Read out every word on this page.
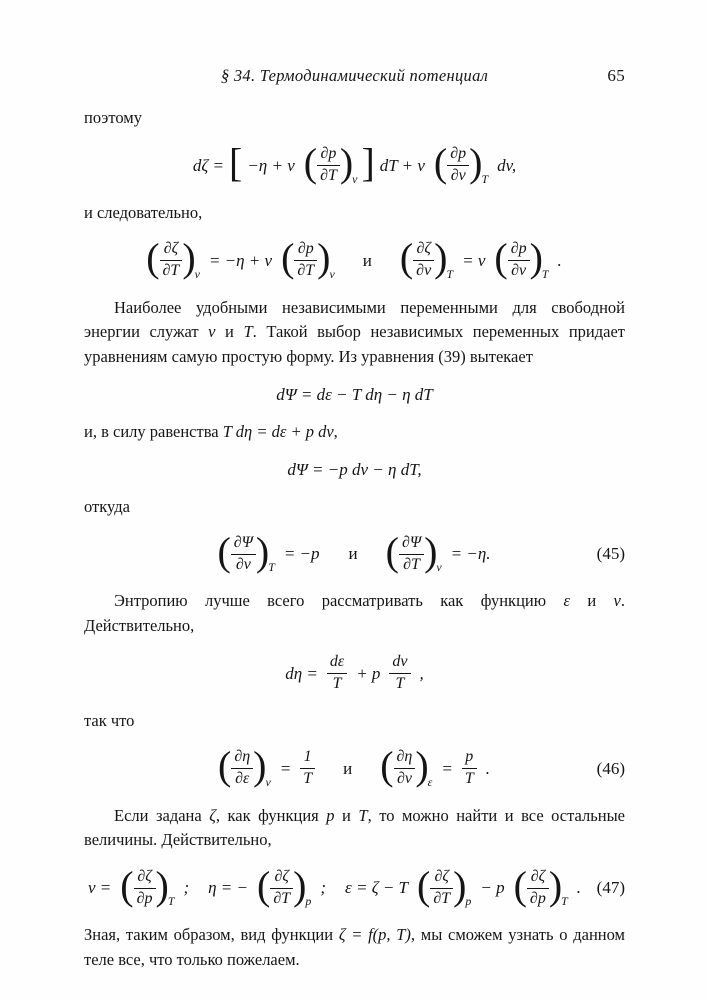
§ 34. Термодинамический потенциал	65

поэтому

dζ = [ −η + v ( $\frac{\partial p}{\partial T} )_v$ ] dT + v ( $\frac{\partial p}{\partial v} )_T$
dv,

и следовательно,

( $\frac{\partial\zeta}{\partial T} )_v$
= −η + v ( $\frac{\partial p}{\partial T} )_v$
и ( $\frac{\partial\zeta}{\partial v} )_T$
= v ( $\frac{\partial p}{\partial v} )_T$
.

Наиболее удобными независимыми переменными для свободной энергии служат v и T. Такой выбор независимых переменных придает уравнениям самую простую форму. Из уравнения (39) вытекает

dΨ = dε − T dη − η dT

и, в силу равенства T dη = dε + p dv,

dΨ = −p dv − η dT,

откуда

( $\frac{\partial\Psi}{\partial v} )_T$
= −p и ( $\frac{\partial\Psi}{\partial T} )_v$
= −η.	(45)

Энтропию лучше всего рассматривать как функцию ε и v. Действительно,

$d\eta = \frac{d\varepsilon}{T} + p \frac{dv}{T}$ ,

так что

( $\frac{\partial\eta}{\partial\varepsilon} )_v$
= $\frac{1}{T}$ и ( $\frac{\partial\eta}{\partial v} )_\varepsilon$
= $\frac{p}{T}$ .	(46)

Если задана ζ, как функция p и T, то можно найти и все остальные величины. Действительно,

v = ( $\frac{\partial\zeta}{\partial p} )_T$
; η = − ( $\frac{\partial\zeta}{\partial T} )_p$
; ε = ζ − T ( $\frac{\partial\zeta}{\partial T} )_p$
− p ( $\frac{\partial\zeta}{\partial p} )_T$
. (47)

Зная, таким образом, вид функции ζ = f(p, T), мы сможем узнать о данном теле все, что только пожелаем.
